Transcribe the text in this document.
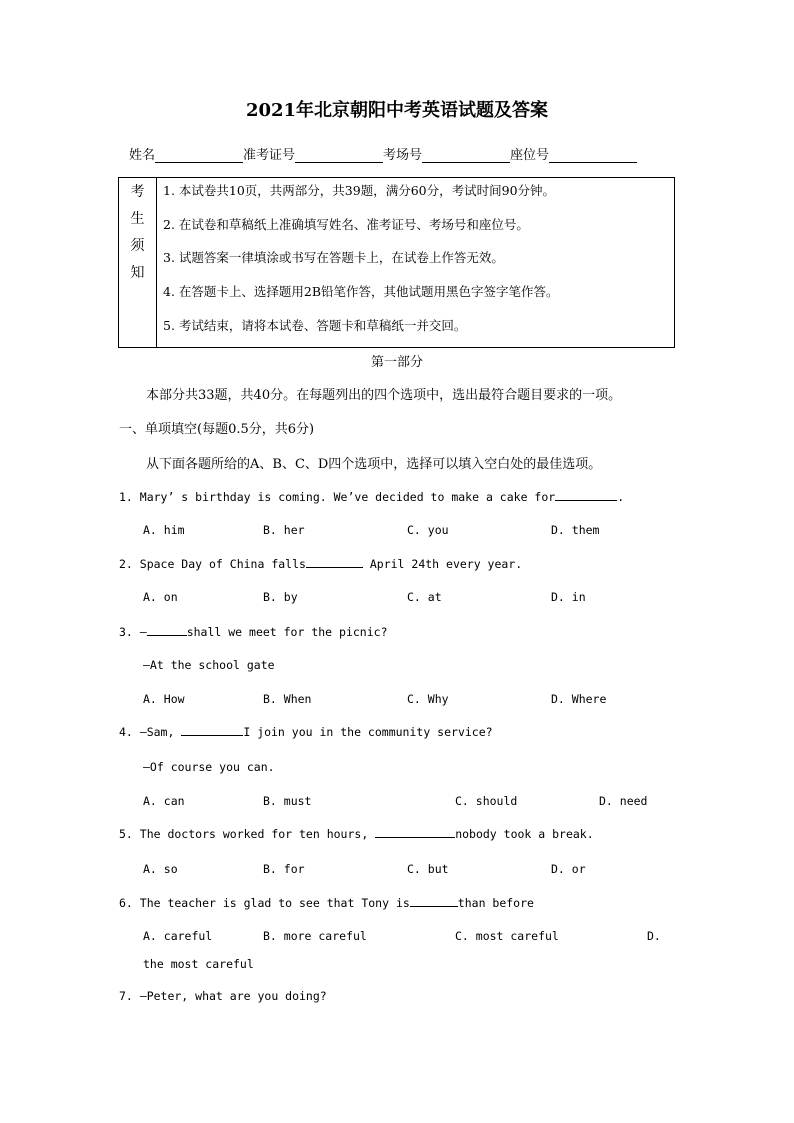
2021年北京朝阳中考英语试题及答案
姓名	准考证号	考场号	座位号
考
生
须
知
1. 本试卷共10页，共两部分，共39题，满分60分，考试时间90分钟。
2. 在试卷和草稿纸上准确填写姓名、准考证号、考场号和座位号。
3. 试题答案一律填涂或书写在答题卡上，在试卷上作答无效。
4. 在答题卡上、选择题用2B铅笔作答，其他试题用黑色字签字笔作答。
5. 考试结束，请将本试卷、答题卡和草稿纸一并交回。
第一部分
本部分共33题，共40分。在每题列出的四个选项中，选出最符合题目要求的一项。
一、单项填空(每题0.5分，共6分)
从下面各题所给的A、B、C、D四个选项中，选择可以填入空白处的最佳选项。
1. Mary’ s birthday is coming. We’ve decided to make a cake for	.
A. him	B. her	C. you	D. them
2. Space Day of China falls	April 24th every year.
A. on	B. by	C. at	D. in
3. —	shall we meet for the picnic?
—At the school gate
A. How	B. When	C. Why	D. Where
4. —Sam,	I join you in the community service?
—Of course you can.
A. can	B. must	C. should	D. need
5. The doctors worked for ten hours,	nobody took a break.
A. so	B. for	C. but	D. or
6. The teacher is glad to see that Tony is	than before
A. careful	B. more careful	C. most careful	D.
the most careful
7. —Peter, what are you doing?
